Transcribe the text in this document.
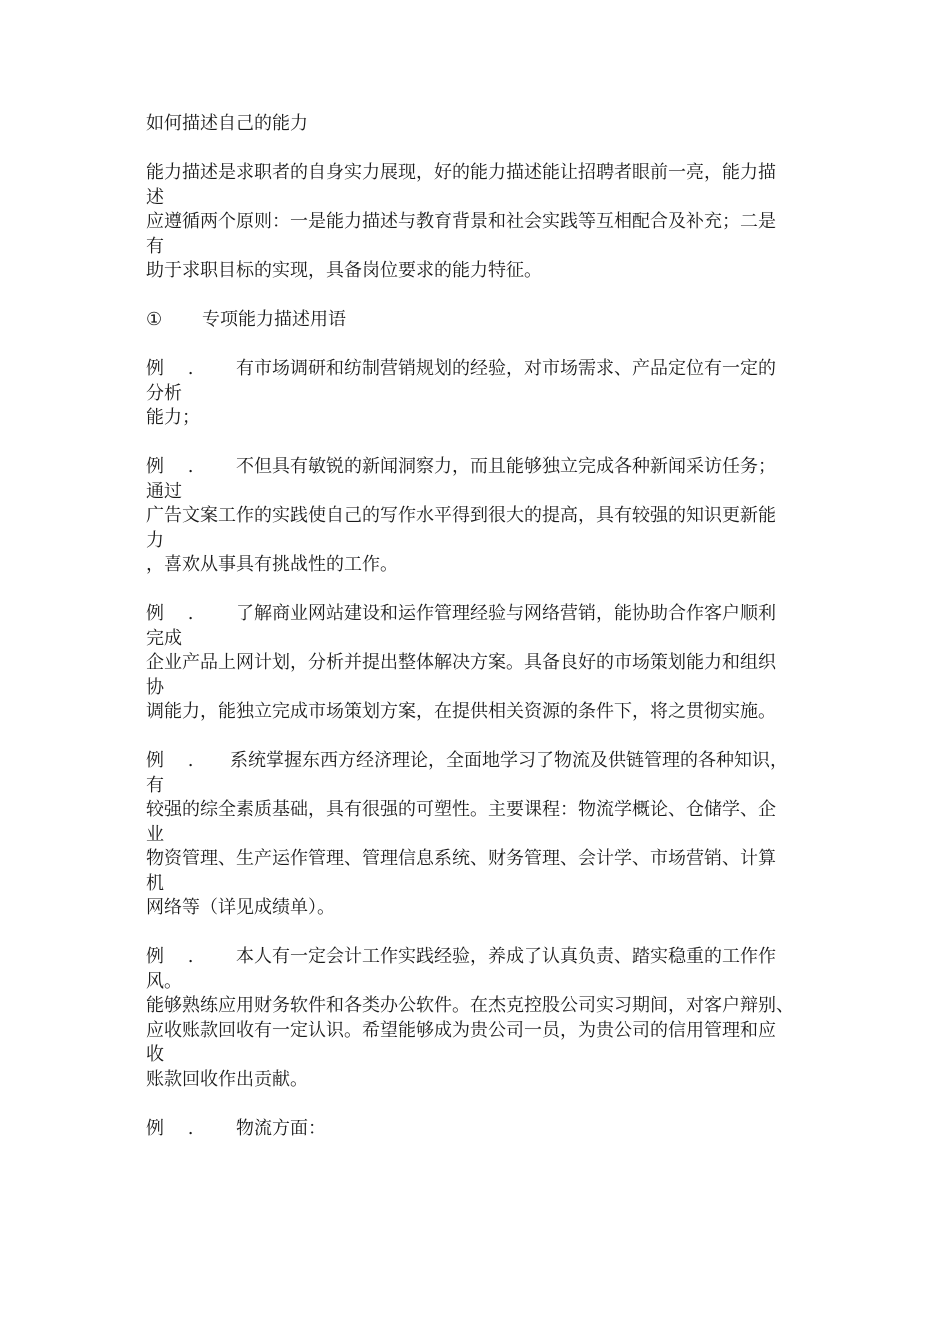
如何描述自己的能力
能力描述是求职者的自身实力展现，好的能力描述能让招聘者眼前一亮，能力描
述
应遵循两个原则：一是能力描述与教育背景和社会实践等互相配合及补充；二是
有
助于求职目标的实现，具备岗位要求的能力特征。
①	专项能力描述用语
例 .	有市场调研和纺制营销规划的经验，对市场需求、产品定位有一定的
分析
能力；
例 .	不但具有敏锐的新闻洞察力，而且能够独立完成各种新闻采访任务；
通过
广告文案工作的实践使自己的写作水平得到很大的提高，具有较强的知识更新能
力
，喜欢从事具有挑战性的工作。
例 .	了解商业网站建设和运作管理经验与网络营销，能协助合作客户顺利
完成
企业产品上网计划，分析并提出整体解决方案。具备良好的市场策划能力和组织
协
调能力，能独立完成市场策划方案，在提供相关资源的条件下，将之贯彻实施。
例 .	系统掌握东西方经济理论，全面地学习了物流及供链管理的各种知识，
有
较强的综全素质基础，具有很强的可塑性。主要课程：物流学概论、仓储学、企
业
物资管理、生产运作管理、管理信息系统、财务管理、会计学、市场营销、计算
机
网络等（详见成绩单）。
例 .	本人有一定会计工作实践经验，养成了认真负责、踏实稳重的工作作
风。
能够熟练应用财务软件和各类办公软件。在杰克控股公司实习期间，对客户辩别、
应收账款回收有一定认识。希望能够成为贵公司一员，为贵公司的信用管理和应
收
账款回收作出贡献。
例 .	物流方面：
